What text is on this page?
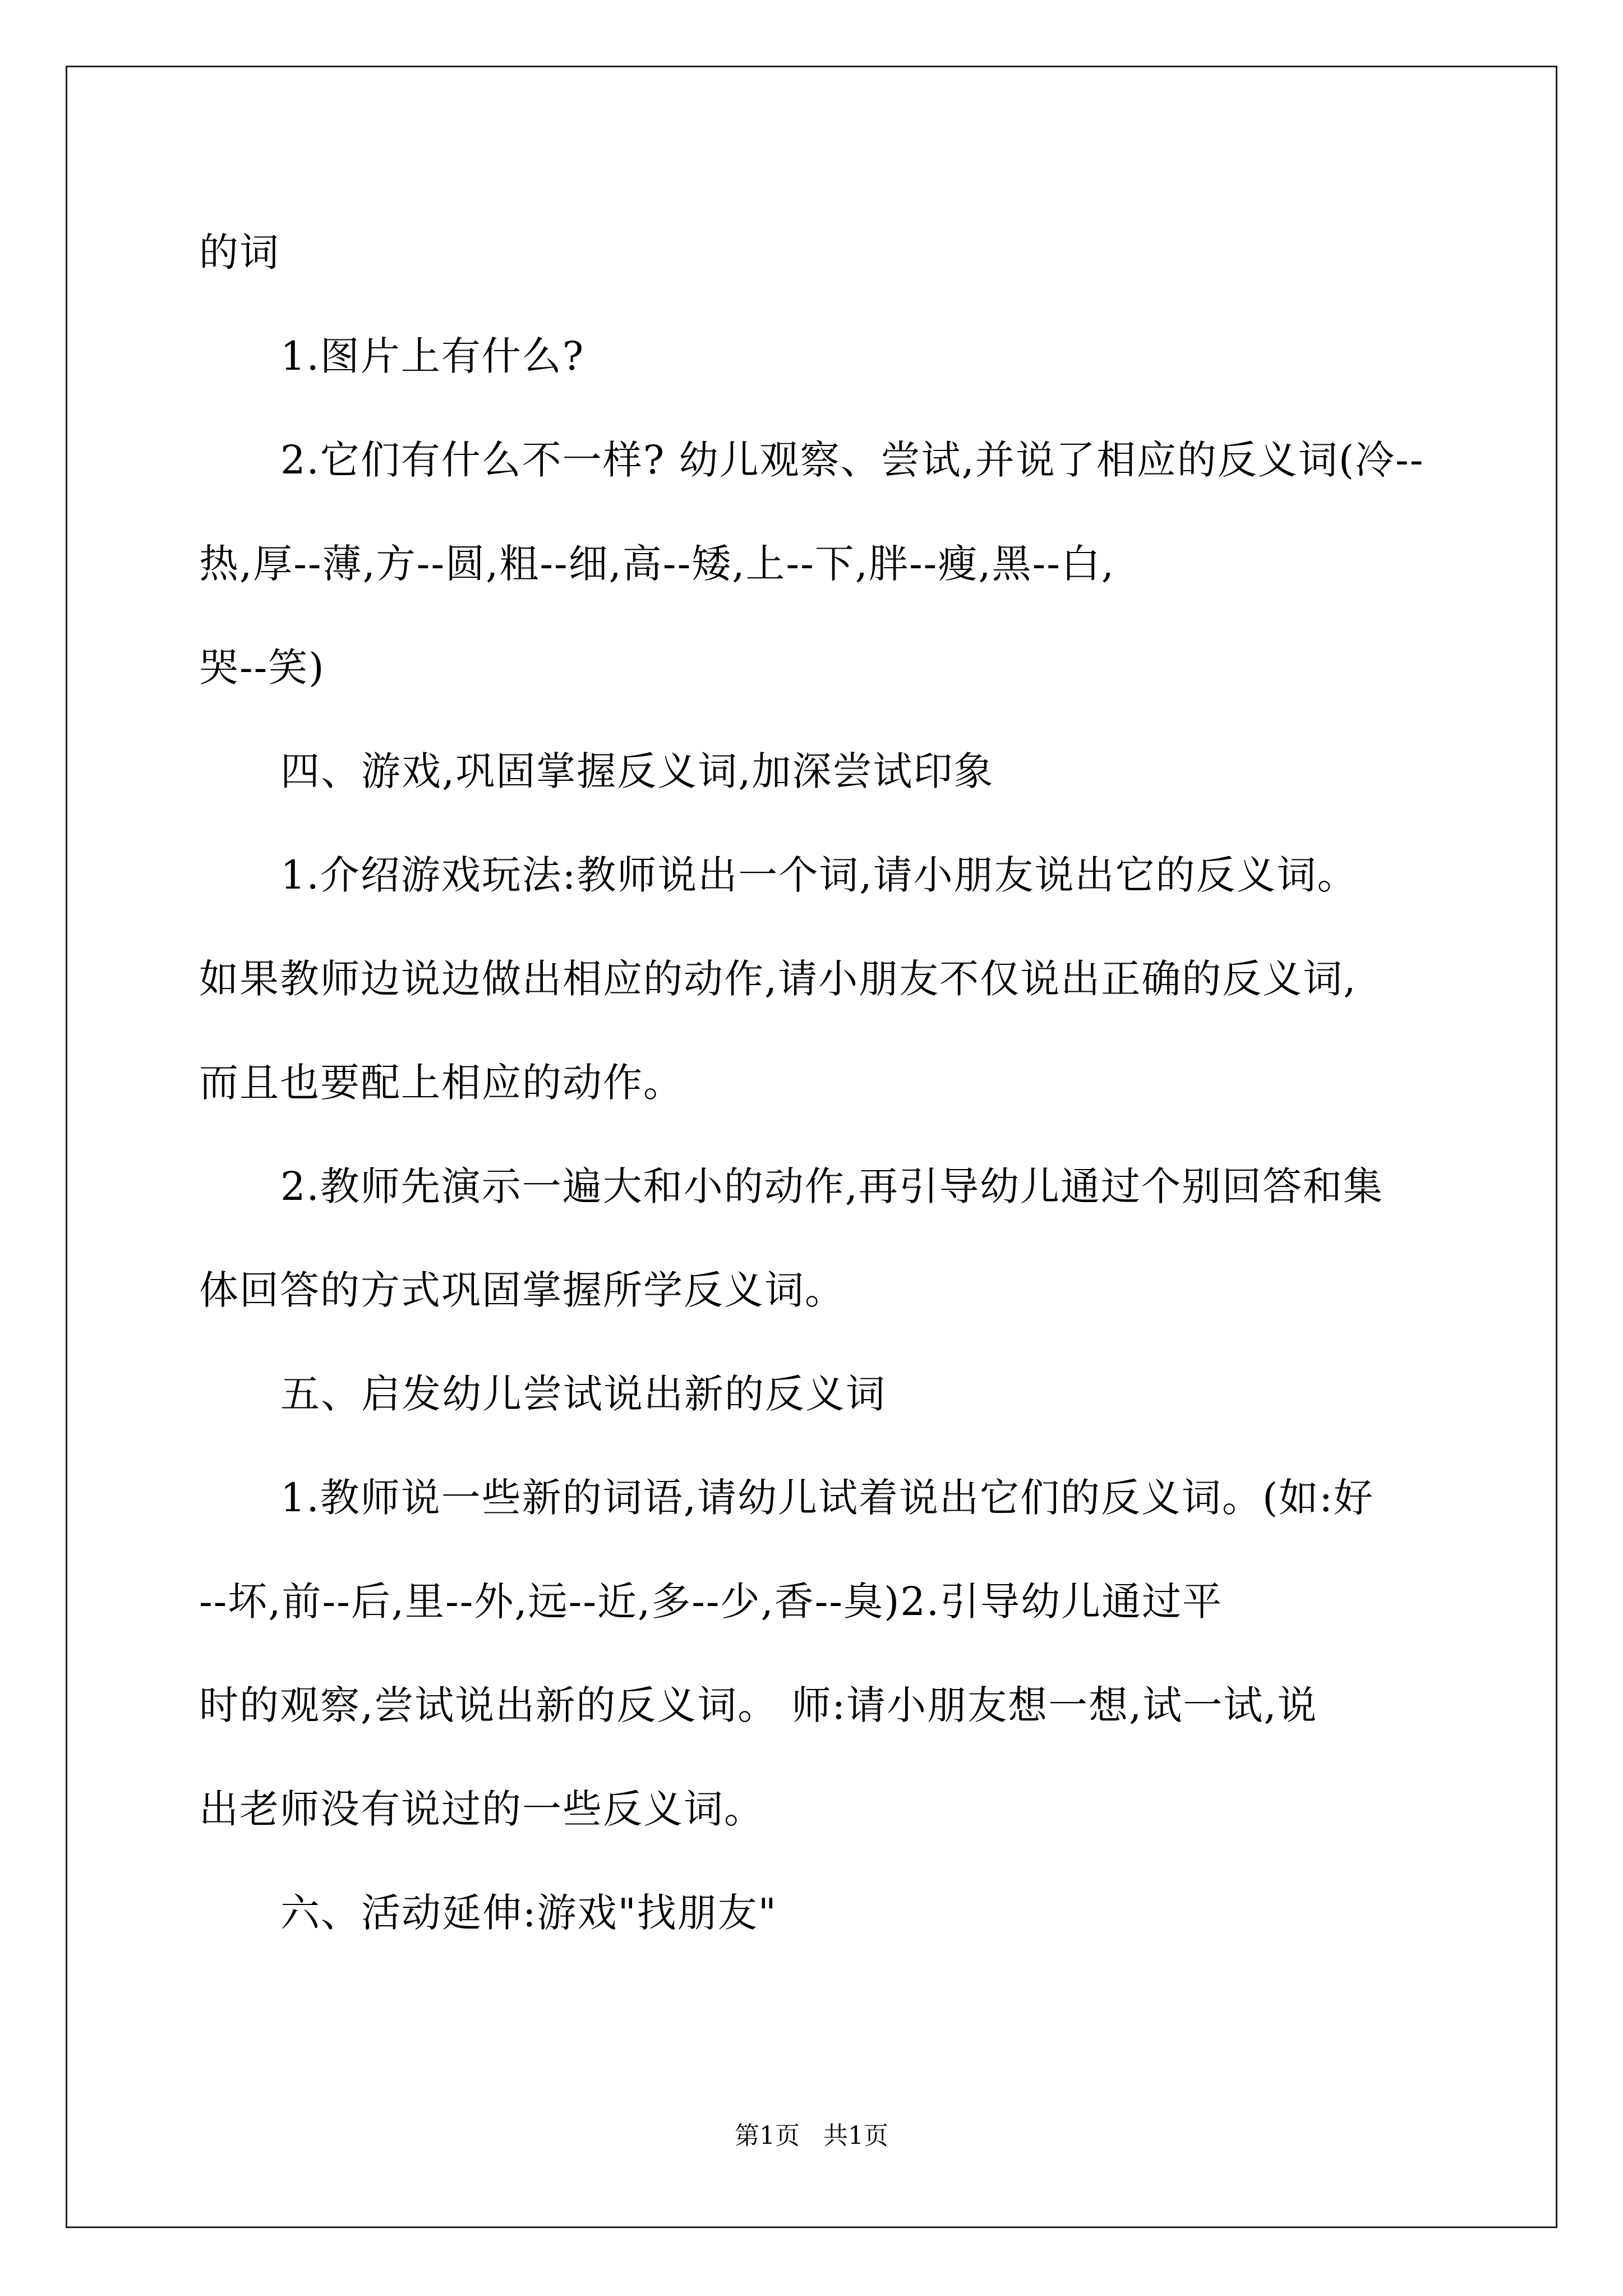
的词
1.图片上有什么?
2.它们有什么不一样? 幼儿观察、尝试,并说了相应的反义词(冷--
热,厚--薄,方--圆,粗--细,高--矮,上--下,胖--瘦,黑--白,
哭--笑)
四、游戏,巩固掌握反义词,加深尝试印象
1.介绍游戏玩法:教师说出一个词,请小朋友说出它的反义词。
如果教师边说边做出相应的动作,请小朋友不仅说出正确的反义词,
而且也要配上相应的动作。
2.教师先演示一遍大和小的动作,再引导幼儿通过个别回答和集
体回答的方式巩固掌握所学反义词。
五、启发幼儿尝试说出新的反义词
1.教师说一些新的词语,请幼儿试着说出它们的反义词。(如:好
--坏,前--后,里--外,远--近,多--少,香--臭)2.引导幼儿通过平
时的观察,尝试说出新的反义词。 师:请小朋友想一想,试一试,说
出老师没有说过的一些反义词。
六、活动延伸:游戏"找朋友"
第1页   共1页
